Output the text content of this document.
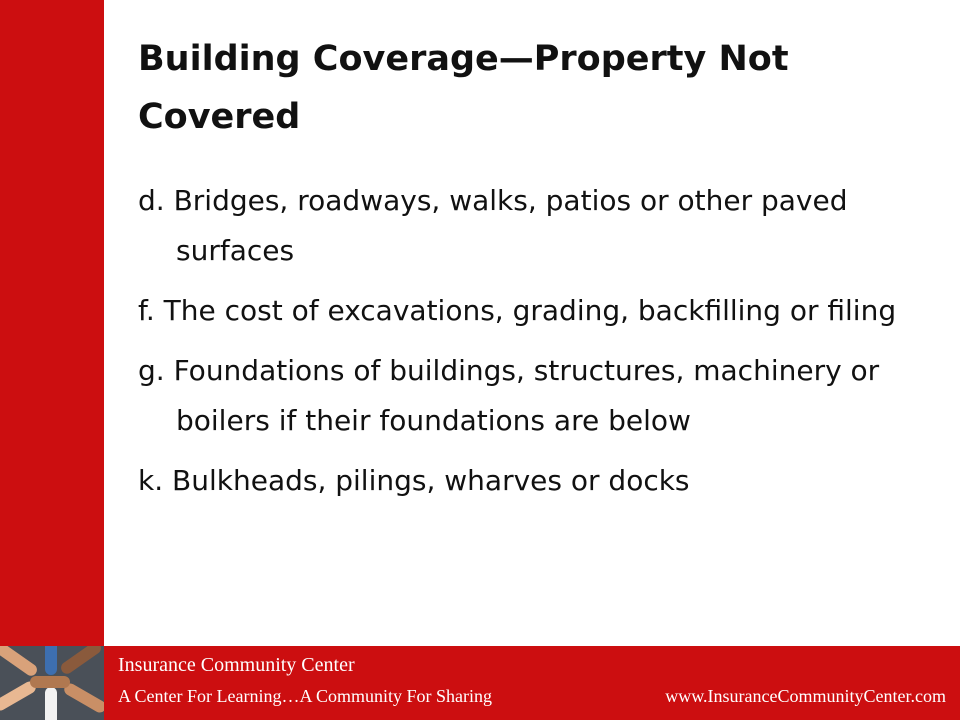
Building Coverage—Property Not Covered
d. Bridges, roadways, walks, patios or other paved surfaces
f. The cost of excavations, grading, backfilling or filing
g. Foundations of buildings, structures, machinery or boilers if their foundations are below
k. Bulkheads, pilings, wharves or docks
Insurance Community Center
A Center For Learning…A Community For Sharing	www.InsuranceCommunityCenter.com
